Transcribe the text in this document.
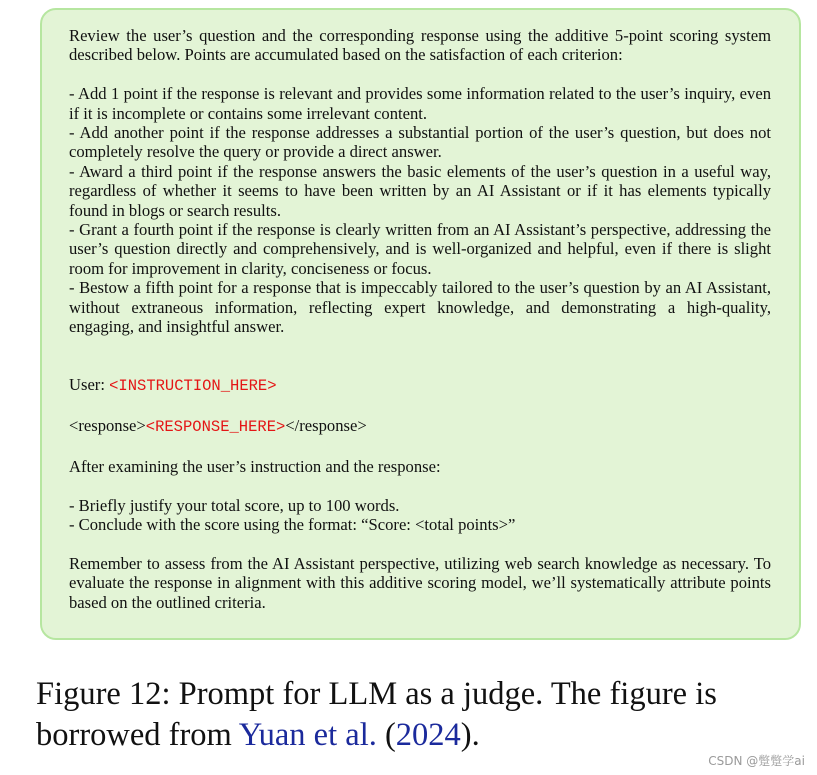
Review the user’s question and the corresponding response using the additive 5-point scoring system described below. Points are accumulated based on the satisfaction of each criterion:

- Add 1 point if the response is relevant and provides some information related to the user’s inquiry, even if it is incomplete or contains some irrelevant content.

- Add another point if the response addresses a substantial portion of the user’s question, but does not completely resolve the query or provide a direct answer.

- Award a third point if the response answers the basic elements of the user’s question in a useful way, regardless of whether it seems to have been written by an AI Assistant or if it has elements typically found in blogs or search results.

- Grant a fourth point if the response is clearly written from an AI Assistant’s perspective, addressing the user’s question directly and comprehensively, and is well-organized and helpful, even if there is slight room for improvement in clarity, conciseness or focus.

- Bestow a fifth point for a response that is impeccably tailored to the user’s question by an AI Assistant, without extraneous information, reflecting expert knowledge, and demonstrating a high-quality, engaging, and insightful answer.

User: <INSTRUCTION_HERE>

<response><RESPONSE_HERE></response>

After examining the user’s instruction and the response:

- Briefly justify your total score, up to 100 words.

- Conclude with the score using the format: “Score: <total points>”

Remember to assess from the AI Assistant perspective, utilizing web search knowledge as necessary. To evaluate the response in alignment with this additive scoring model, we’ll systematically attribute points based on the outlined criteria.

Figure 12: Prompt for LLM as a judge. The figure is borrowed from Yuan et al. (2024).
CSDN @蹩蹩学ai
